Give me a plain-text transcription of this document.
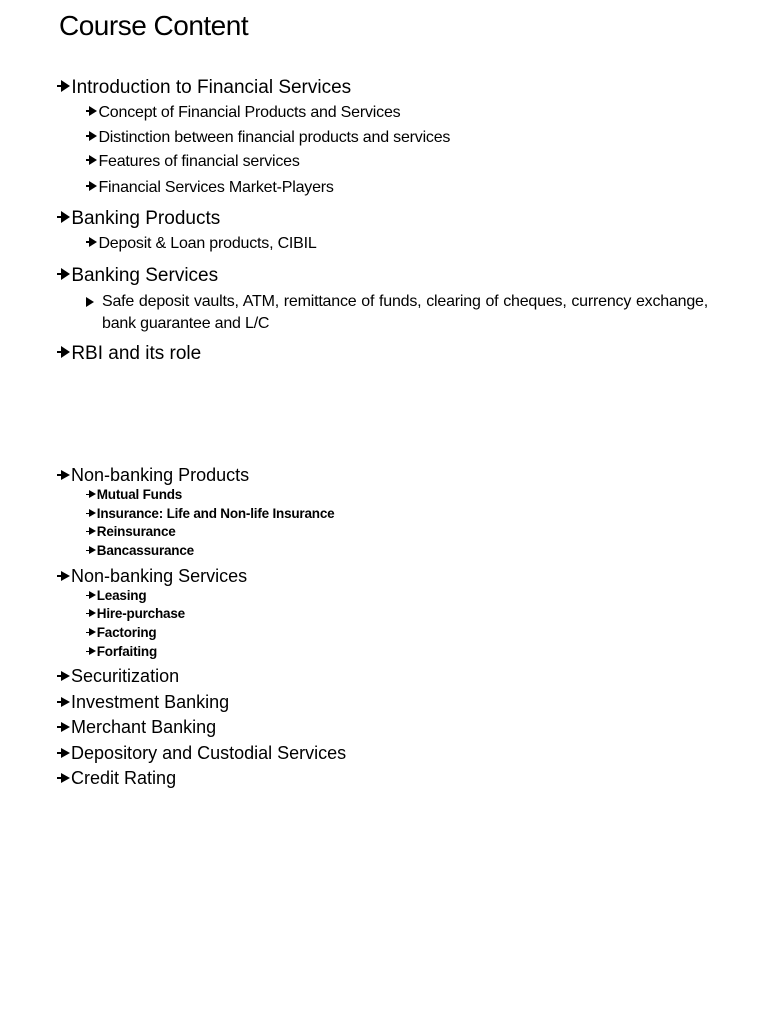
Course Content
Introduction to Financial Services
Concept of Financial Products and Services
Distinction between financial products and services
Features of financial services
Financial Services Market-Players
Banking Products
Deposit & Loan products, CIBIL
Banking Services
Safe deposit vaults, ATM, remittance of funds, clearing of cheques, currency exchange, bank guarantee and L/C
RBI and its role
Non-banking Products
Mutual Funds
Insurance: Life and Non-life Insurance
Reinsurance
Bancassurance
Non-banking Services
Leasing
Hire-purchase
Factoring
Forfaiting
Securitization
Investment Banking
Merchant Banking
Depository and Custodial Services
Credit Rating
